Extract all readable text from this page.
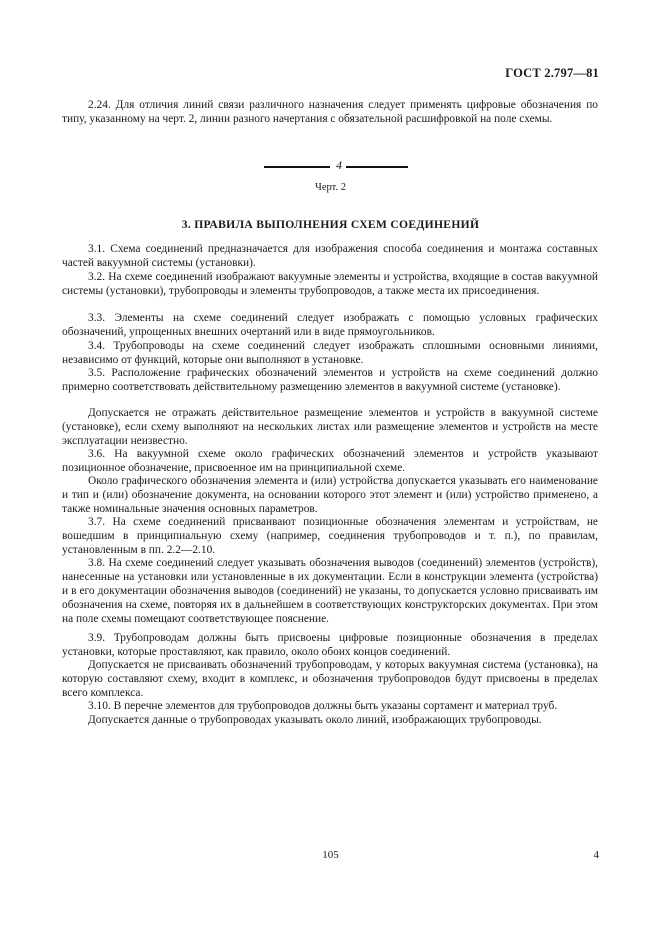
ГОСТ 2.797—81

2.24. Для отличия линий связи различного назначения следует применять цифровые обозначения по типу, указанному на черт. 2, линии разного начертания с обязательной расшифровкой на поле схемы.

4
Черт. 2
3. ПРАВИЛА ВЫПОЛНЕНИЯ СХЕМ СОЕДИНЕНИЙ

3.1. Схема соединений предназначается для изображения способа соединения и монтажа составных частей вакуумной системы (установки).

3.2. На схеме соединений изображают вакуумные элементы и устройства, входящие в состав вакуумной системы (установки), трубопроводы и элементы трубопроводов, а также места их присоединения.

3.3. Элементы на схеме соединений следует изображать с помощью условных графических обозначений, упрощенных внешних очертаний или в виде прямоугольников.

3.4. Трубопроводы на схеме соединений следует изображать сплошными основными линиями, независимо от функций, которые они выполняют в установке.

3.5. Расположение графических обозначений элементов и устройств на схеме соединений должно примерно соответствовать действительному размещению элементов в вакуумной системе (установке).

Допускается не отражать действительное размещение элементов и устройств в вакуумной системе (установке), если схему выполняют на нескольких листах или размещение элементов и устройств на месте эксплуатации неизвестно.

3.6. На вакуумной схеме около графических обозначений элементов и устройств указывают позиционное обозначение, присвоенное им на принципиальной схеме.

Около графического обозначения элемента и (или) устройства допускается указывать его наименование и тип и (или) обозначение документа, на основании которого этот элемент и (или) устройство применено, а также номинальные значения основных параметров.

3.7. На схеме соединений присваивают позиционные обозначения элементам и устройствам, не вошедшим в принципиальную схему (например, соединения трубопроводов и т. п.), по правилам, установленным в пп. 2.2—2.10.

3.8. На схеме соединений следует указывать обозначения выводов (соединений) элементов (устройств), нанесенные на установки или установленные в их документации. Если в конструкции элемента (устройства) и в его документации обозначения выводов (соединений) не указаны, то допускается условно присваивать им обозначения на схеме, повторяя их в дальнейшем в соответствующих конструкторских документах. При этом на поле схемы помещают соответствующее пояснение.

3.9. Трубопроводам должны быть присвоены цифровые позиционные обозначения в пределах установки, которые проставляют, как правило, около обоих концов соединений.

Допускается не присваивать обозначений трубопроводам, у которых вакуумная система (установка), на которую составляют схему, входит в комплекс, и обозначения трубопроводов будут присвоены в пределах всего комплекса.

3.10. В перечне элементов для трубопроводов должны быть указаны сортамент и материал труб.

Допускается данные о трубопроводах указывать около линий, изображающих трубопроводы.

105	4
